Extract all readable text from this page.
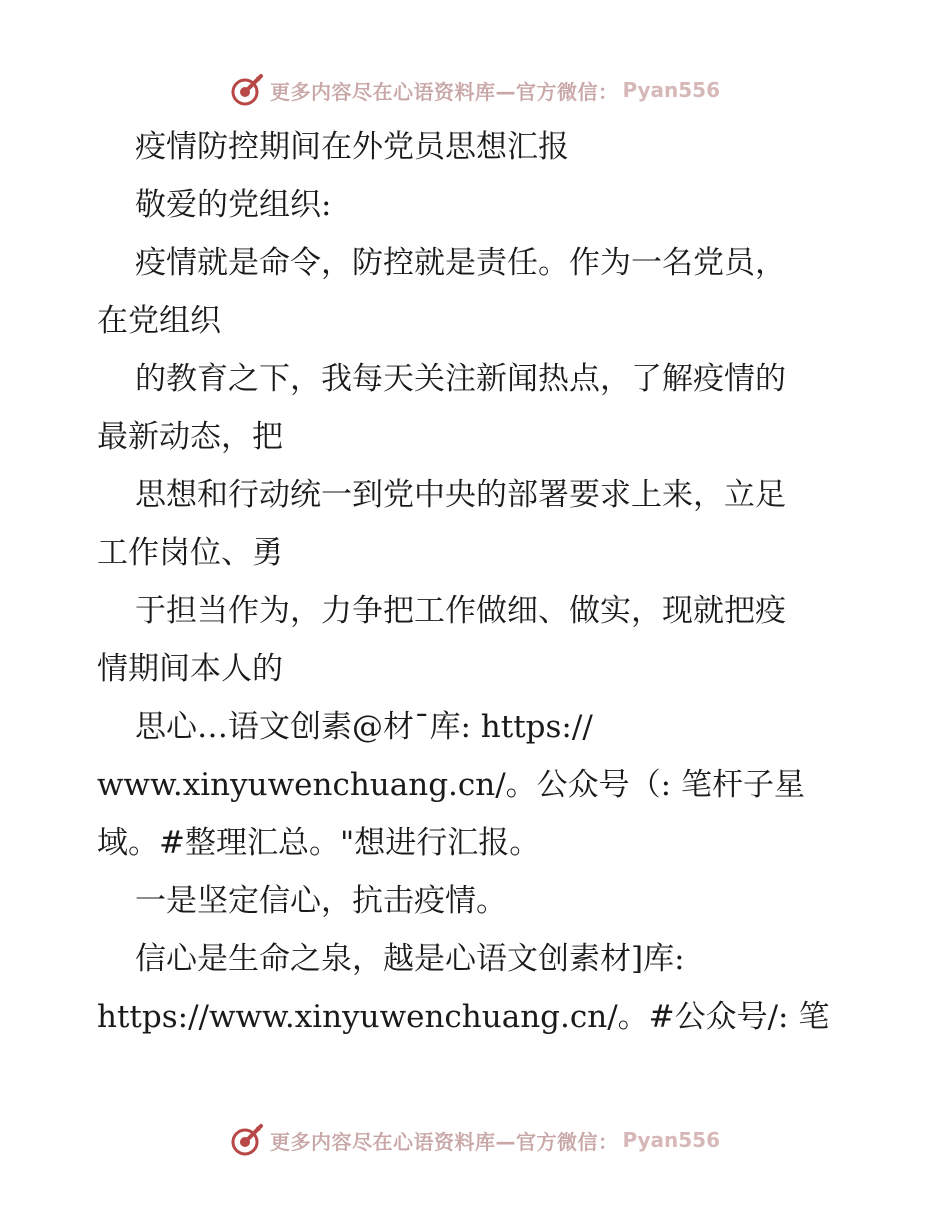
更多内容尽在心语资料库—官方微信： Pyan556
疫情防控期间在外党员思想汇报
敬爱的党组织:
疫情就是命令，防控就是责任。作为一名党员，
在党组织
的教育之下，我每天关注新闻热点，了解疫情的
最新动态，把
思想和行动统一到党中央的部署要求上来，立足
工作岗位、勇
于担当作为，力争把工作做细、做实，现就把疫
情期间本人的
思心…语文创素@材¯库: https://
www.xinyuwenchuang.cn/。公众号（: 笔杆子星
域。#整理汇总。"想进行汇报。
一是坚定信心，抗击疫情。
信心是生命之泉，越是心语文创素材]库:
https://www.xinyuwenchuang.cn/。#公众号/: 笔
更多内容尽在心语资料库—官方微信： Pyan556
